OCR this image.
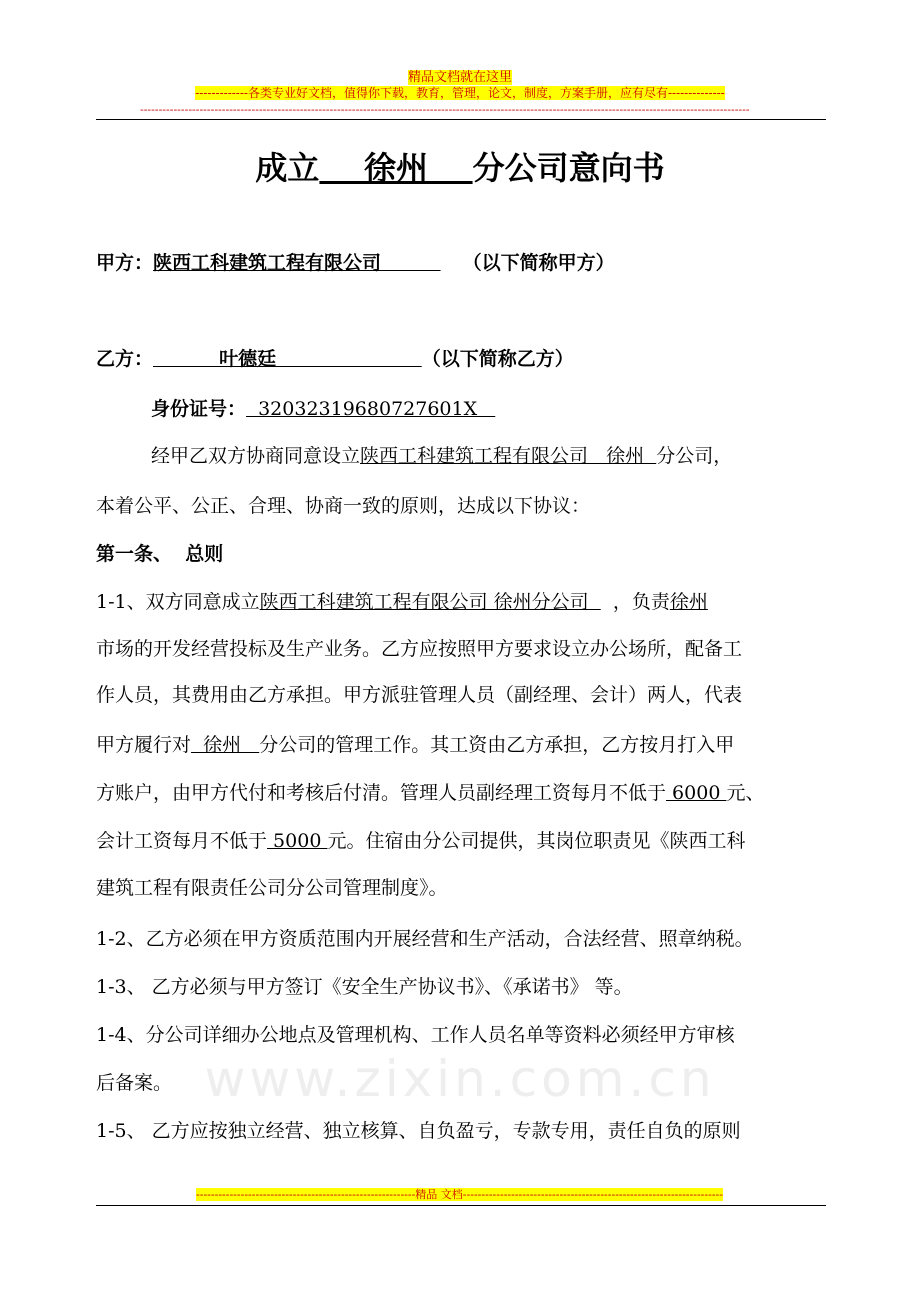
精品文档就在这里
-------------各类专业好文档，值得你下载，教育，管理，论文，制度，方案手册，应有尽有--------------
--------------------------------------------------------------------------------------------------------------------------------------------------------------------
www.zixin.com.cn
成立    徐州    分公司意向书
甲方：陕西工科建筑工程有限公司         （以下简称甲方）
乙方：          叶德廷                      （以下简称乙方）
身份证号：  32032319680727601X
经甲乙双方协商同意设立陕西工科建筑工程有限公司   徐州  分公司，
本着公平、公正、合理、协商一致的原则，达成以下协议：
第一条、  总则
1-1、双方同意成立陕西工科建筑工程有限公司 徐州分公司    ，负责徐州
市场的开发经营投标及生产业务。乙方应按照甲方要求设立办公场所，配备工
作人员，其费用由乙方承担。甲方派驻管理人员（副经理、会计）两人，代表
甲方履行对  徐州   分公司的管理工作。其工资由乙方承担，乙方按月打入甲
方账户，由甲方代付和考核后付清。管理人员副经理工资每月不低于 6000 元、
会计工资每月不低于 5000 元。住宿由分公司提供，其岗位职责见《陕西工科
建筑工程有限责任公司分公司管理制度》。
1-2、乙方必须在甲方资质范围内开展经营和生产活动，合法经营、照章纳税。
1-3、 乙方必须与甲方签订《安全生产协议书》、《承诺书》 等。
1-4、分公司详细办公地点及管理机构、工作人员名单等资料必须经甲方审核
后备案。
1-5、 乙方应按独立经营、独立核算、自负盈亏，专款专用，责任自负的原则
-----------------------------------------------------------精品 文档----------------------------------------------------------------------
